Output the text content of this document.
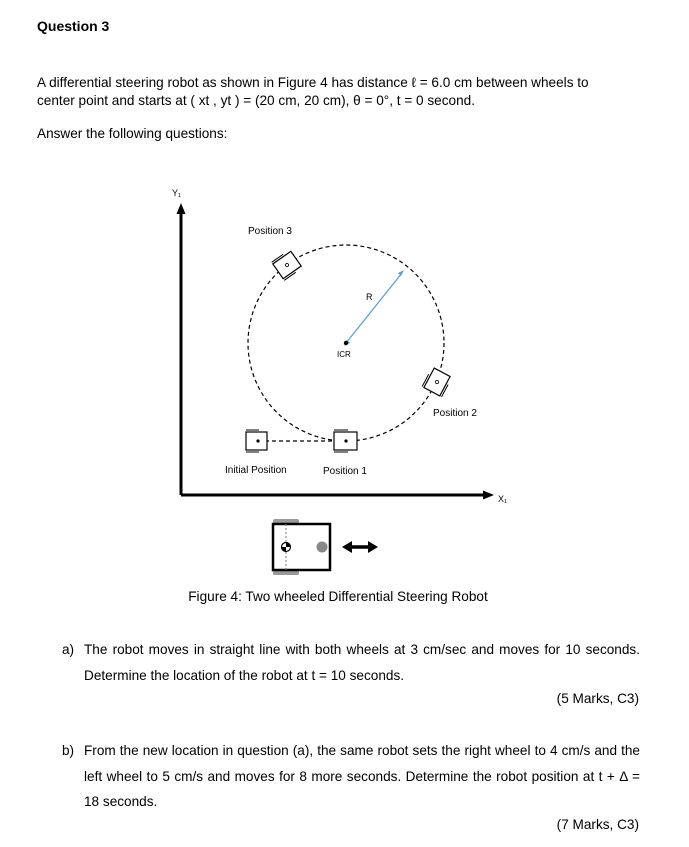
Question 3
A differential steering robot as shown in Figure 4 has distance ℓ = 6.0 cm between wheels to
center point and starts at ( xt , yt ) = (20 cm, 20 cm), θ = 0°, t = 0 second.
Answer the following questions:
Y₁
X₁
R
ICR
Position 3
Position 2
Position 1
Initial Position
Figure 4: Two wheeled Differential Steering Robot
a) The robot moves in straight line with both wheels at 3 cm/sec and moves for 10 seconds. Determine the location of the robot at t = 10 seconds.
(5 Marks, C3)
b) From the new location in question (a), the same robot sets the right wheel to 4 cm/s and the left wheel to 5 cm/s and moves for 8 more seconds. Determine the robot position at t + Δ = 18 seconds.
(7 Marks, C3)
